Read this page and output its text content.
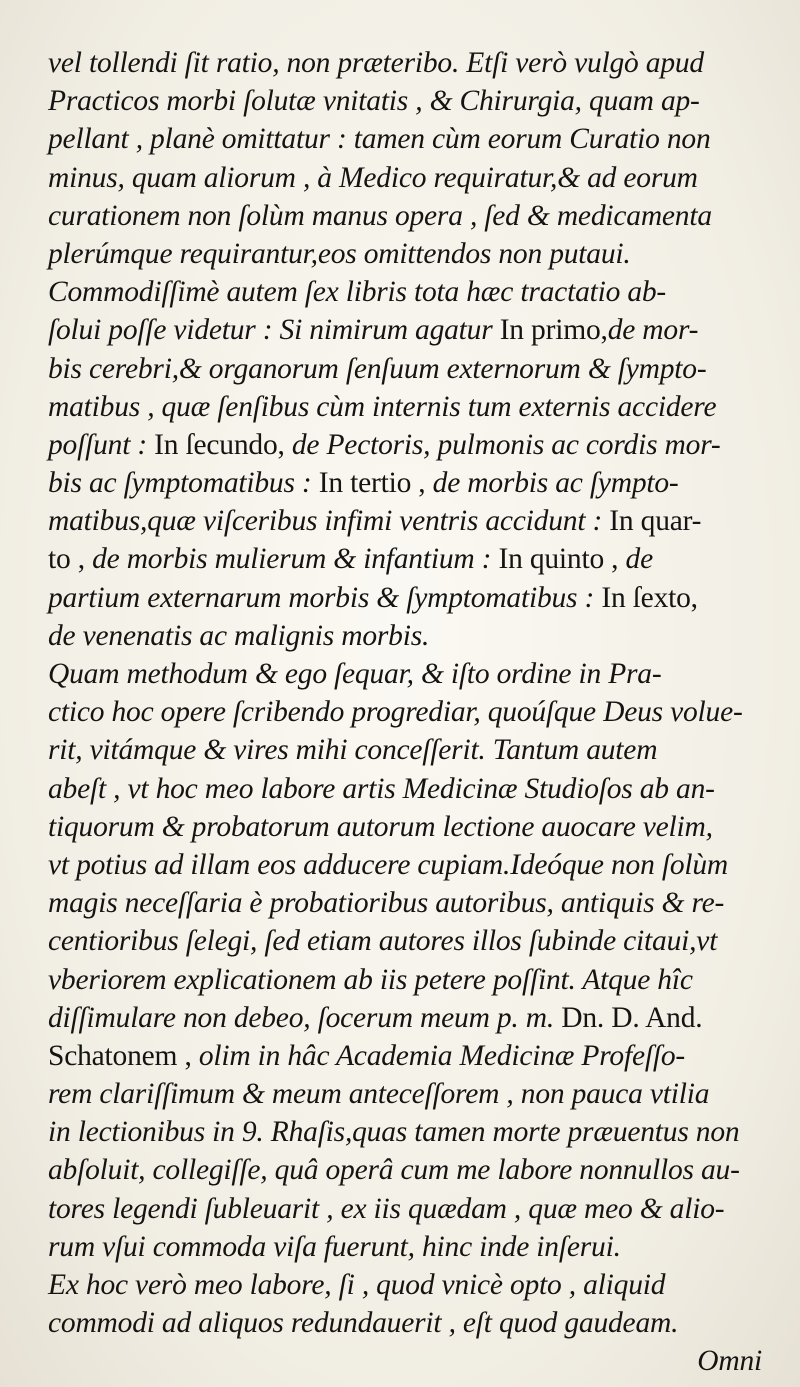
vel tollendi ſit ratio, non præteribo. Etſi verò vulgò apud
Practicos morbi ſolutæ vnitatis , & Chirurgia, quam ap-
pellant , planè omittatur : tamen cùm eorum Curatio non
minus, quam aliorum , à Medico requiratur,& ad eorum
curationem non ſolùm manus opera , ſed & medicamenta
plerúmque requirantur,eos omittendos non putaui.
Commodiſſimè autem ſex libris tota hæc tractatio ab-
ſolui poſſe videtur : Si nimirum agatur In primo,de mor-
bis cerebri,& organorum ſenſuum externorum & ſympto-
matibus , quæ ſenſibus cùm internis tum externis accidere
poſſunt : In ſecundo, de Pectoris, pulmonis ac cordis mor-
bis ac ſymptomatibus : In tertio , de morbis ac ſympto-
matibus,quæ viſceribus infimi ventris accidunt : In quar-
to , de morbis mulierum & infantium : In quinto , de
partium externarum morbis & ſymptomatibus : In ſexto,
de venenatis ac malignis morbis.
Quam methodum & ego ſequar, & iſto ordine in Pra-
ctico hoc opere ſcribendo progrediar, quoúſque Deus volue-
rit, vitámque & vires mihi conceſſerit. Tantum autem
abeſt , vt hoc meo labore artis Medicinæ Studioſos ab an-
tiquorum & probatorum autorum lectione auocare velim,
vt potius ad illam eos adducere cupiam.Ideóque non ſolùm
magis neceſſaria è probatioribus autoribus, antiquis & re-
centioribus ſelegi, ſed etiam autores illos ſubinde citaui,vt
vberiorem explicationem ab iis petere poſſint. Atque hîc
diſſimulare non debeo, ſocerum meum p. m. Dn. D. And.
Schatonem , olim in hâc Academia Medicinæ Profeſſo-
rem clariſſimum & meum anteceſſorem , non pauca vtilia
in lectionibus in 9. Rhaſis,quas tamen morte præuentus non
abſoluit, collegiſſe, quâ operâ cum me labore nonnullos au-
tores legendi ſubleuarit , ex iis quædam , quæ meo & alio-
rum vſui commoda viſa fuerunt, hinc inde inſerui.
Ex hoc verò meo labore, ſi , quod vnicè opto , aliquid
commodi ad aliquos redundauerit , eſt quod gaudeam.
Omni
